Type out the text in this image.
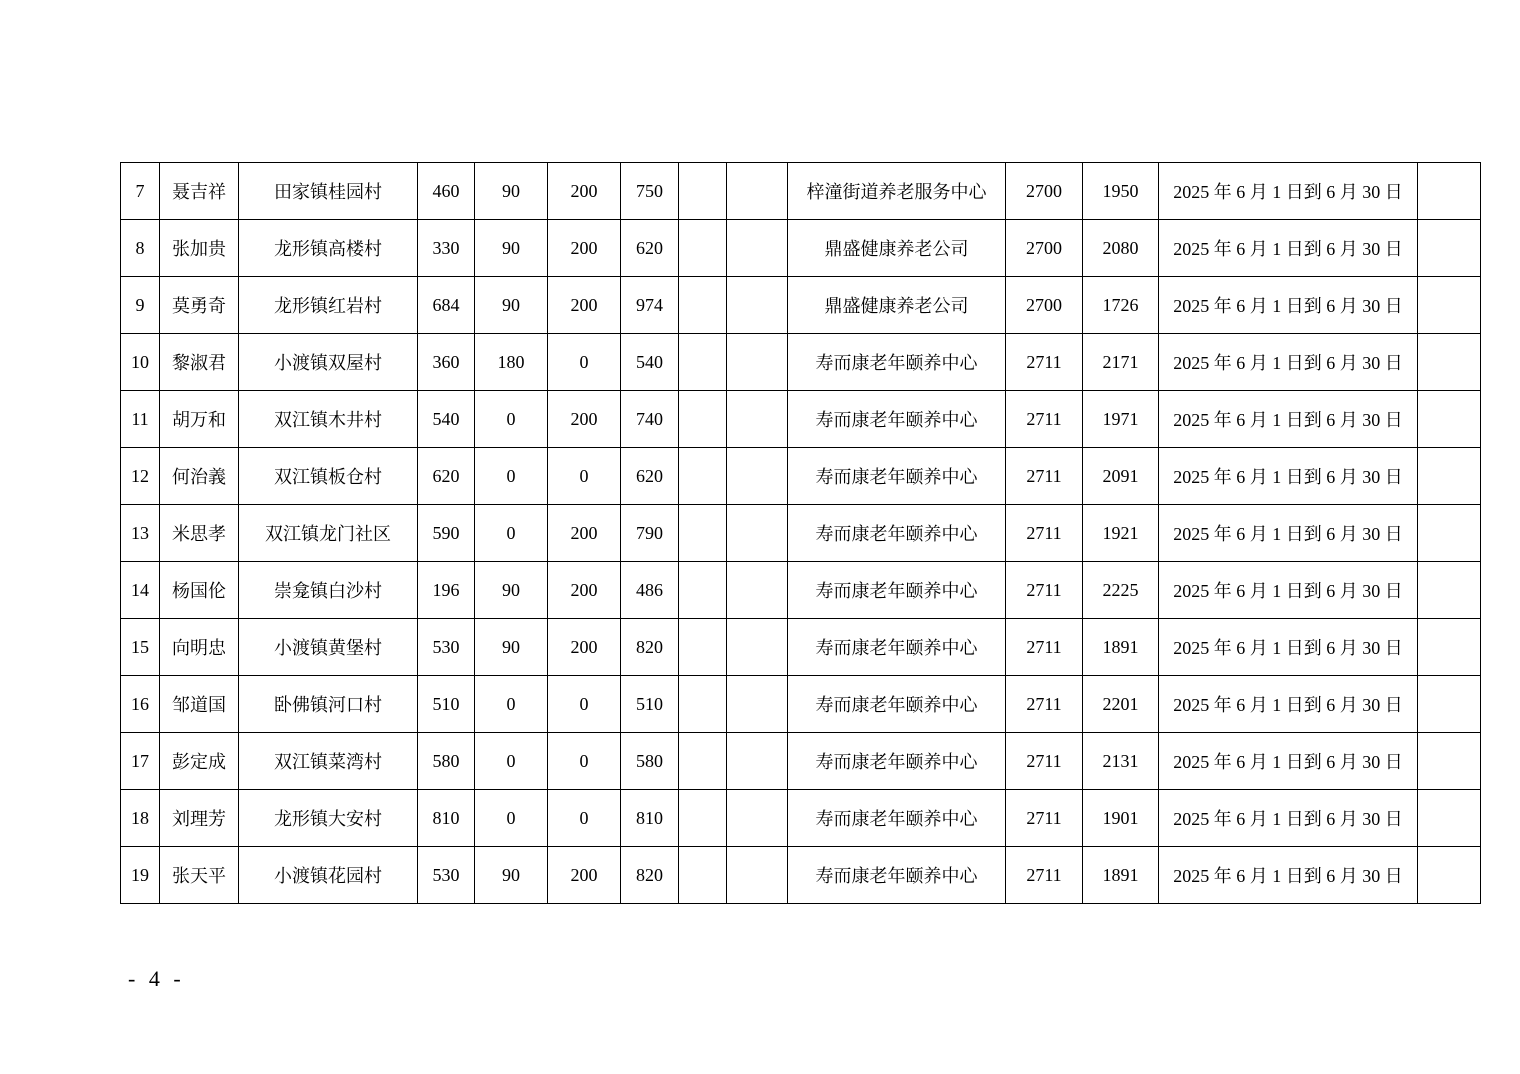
7	聂吉祥	田家镇桂园村	460	90	200	750			梓潼街道养老服务中心	2700	1950	2025 年 6 月 1 日到 6 月 30 日	
8	张加贵	龙形镇高楼村	330	90	200	620			鼎盛健康养老公司	2700	2080	2025 年 6 月 1 日到 6 月 30 日	
9	莫勇奇	龙形镇红岩村	684	90	200	974			鼎盛健康养老公司	2700	1726	2025 年 6 月 1 日到 6 月 30 日	
10	黎淑君	小渡镇双屋村	360	180	0	540			寿而康老年颐养中心	2711	2171	2025 年 6 月 1 日到 6 月 30 日	
11	胡万和	双江镇木井村	540	0	200	740			寿而康老年颐养中心	2711	1971	2025 年 6 月 1 日到 6 月 30 日	
12	何治義	双江镇板仓村	620	0	0	620			寿而康老年颐养中心	2711	2091	2025 年 6 月 1 日到 6 月 30 日	
13	米思孝	双江镇龙门社区	590	0	200	790			寿而康老年颐养中心	2711	1921	2025 年 6 月 1 日到 6 月 30 日	
14	杨国伦	崇龛镇白沙村	196	90	200	486			寿而康老年颐养中心	2711	2225	2025 年 6 月 1 日到 6 月 30 日	
15	向明忠	小渡镇黄堡村	530	90	200	820			寿而康老年颐养中心	2711	1891	2025 年 6 月 1 日到 6 月 30 日	
16	邹道国	卧佛镇河口村	510	0	0	510			寿而康老年颐养中心	2711	2201	2025 年 6 月 1 日到 6 月 30 日	
17	彭定成	双江镇菜湾村	580	0	0	580			寿而康老年颐养中心	2711	2131	2025 年 6 月 1 日到 6 月 30 日	
18	刘理芳	龙形镇大安村	810	0	0	810			寿而康老年颐养中心	2711	1901	2025 年 6 月 1 日到 6 月 30 日	
19	张天平	小渡镇花园村	530	90	200	820			寿而康老年颐养中心	2711	1891	2025 年 6 月 1 日到 6 月 30 日	
- 4 -
